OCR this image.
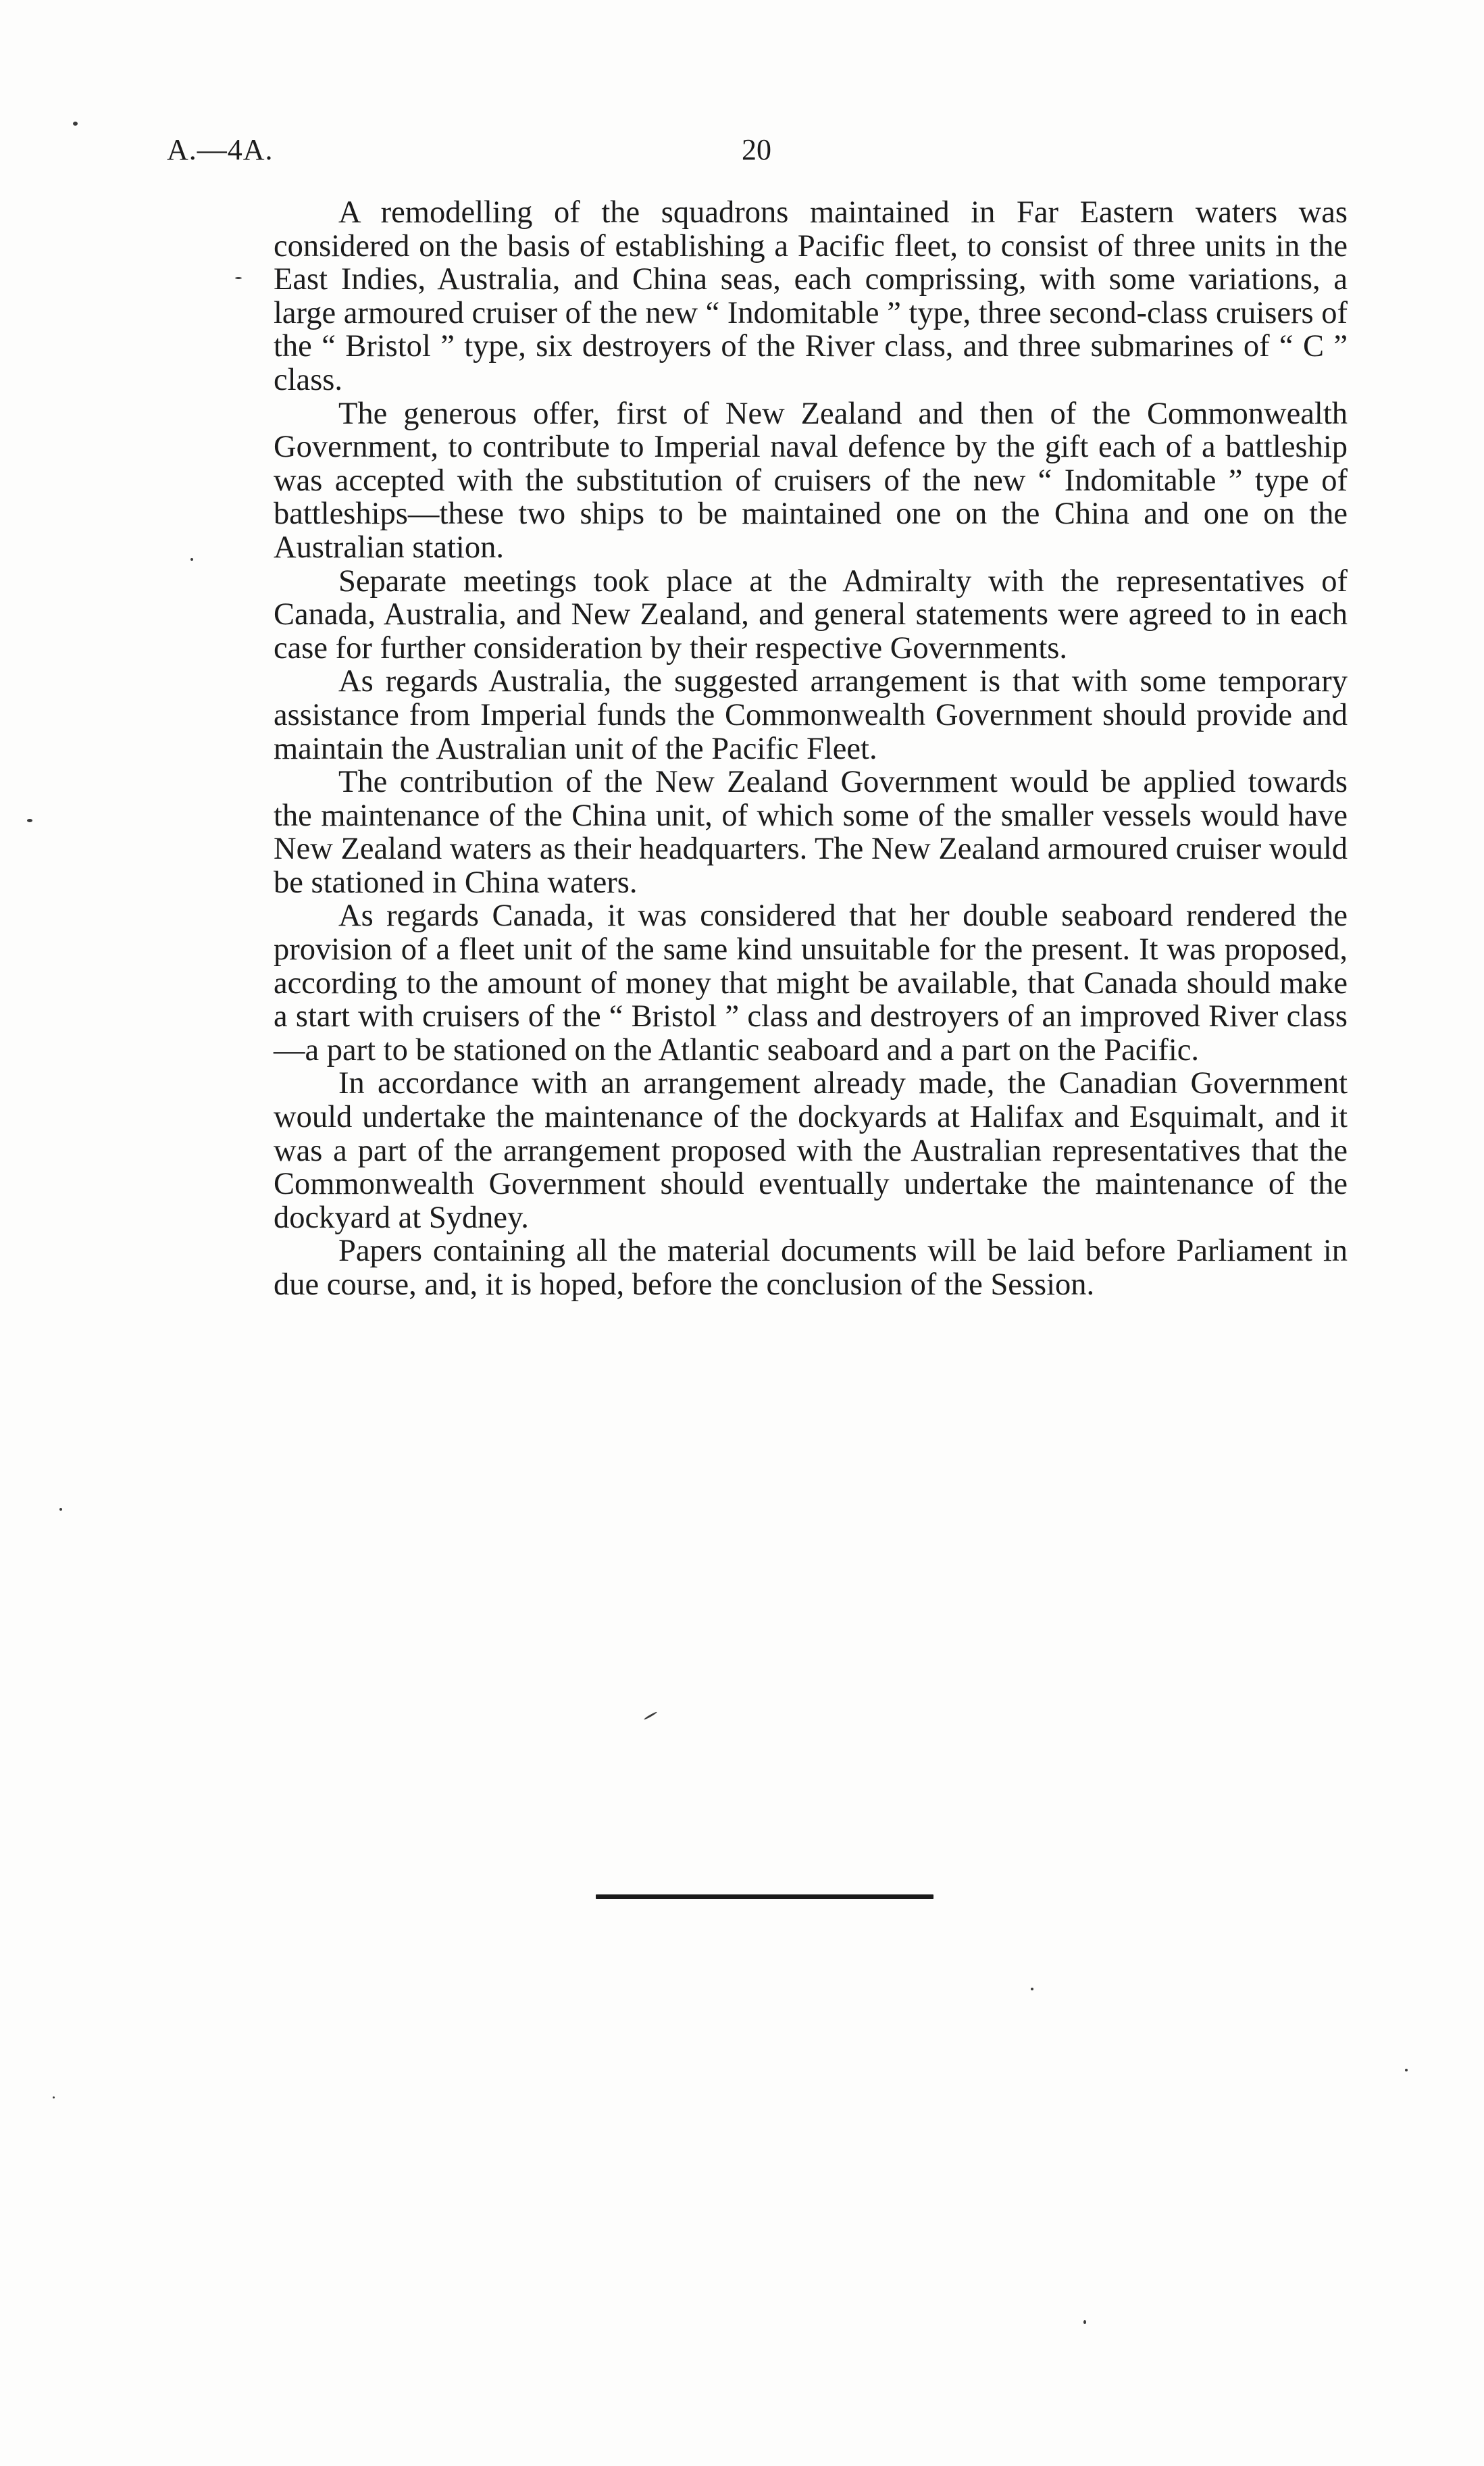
A.—4A.	20

A remodelling of the squadrons maintained in Far Eastern waters was considered on the basis of establishing a Pacific fleet, to consist of three units in the East Indies, Australia, and China seas, each comprissing, with some variations, a large armoured cruiser of the new “ Indomitable ” type, three second-class cruisers of the “ Bristol ” type, six destroyers of the River class, and three submarines of “ C ” class.

The generous offer, first of New Zealand and then of the Commonwealth Government, to contribute to Imperial naval defence by the gift each of a battleship was accepted with the substitution of cruisers of the new “ Indomitable ” type of battleships—these two ships to be maintained one on the China and one on the Australian station.

Separate meetings took place at the Admiralty with the representatives of Canada, Australia, and New Zealand, and general statements were agreed to in each case for further consideration by their respective Governments.

As regards Australia, the suggested arrangement is that with some temporary assistance from Imperial funds the Commonwealth Government should provide and maintain the Australian unit of the Pacific Fleet.

The contribution of the New Zealand Government would be applied towards the maintenance of the China unit, of which some of the smaller vessels would have New Zealand waters as their headquarters. The New Zealand armoured cruiser would be stationed in China waters.

As regards Canada, it was considered that her double seaboard rendered the provision of a fleet unit of the same kind unsuitable for the present. It was proposed, according to the amount of money that might be available, that Canada should make a start with cruisers of the “ Bristol ” class and destroyers of an improved River class—a part to be stationed on the Atlantic seaboard and a part on the Pacific.

In accordance with an arrangement already made, the Canadian Government would undertake the maintenance of the dockyards at Halifax and Esquimalt, and it was a part of the arrangement proposed with the Australian representatives that the Commonwealth Government should eventually undertake the maintenance of the dockyard at Sydney.

Papers containing all the material documents will be laid before Parliament in due course, and, it is hoped, before the conclusion of the Session.
